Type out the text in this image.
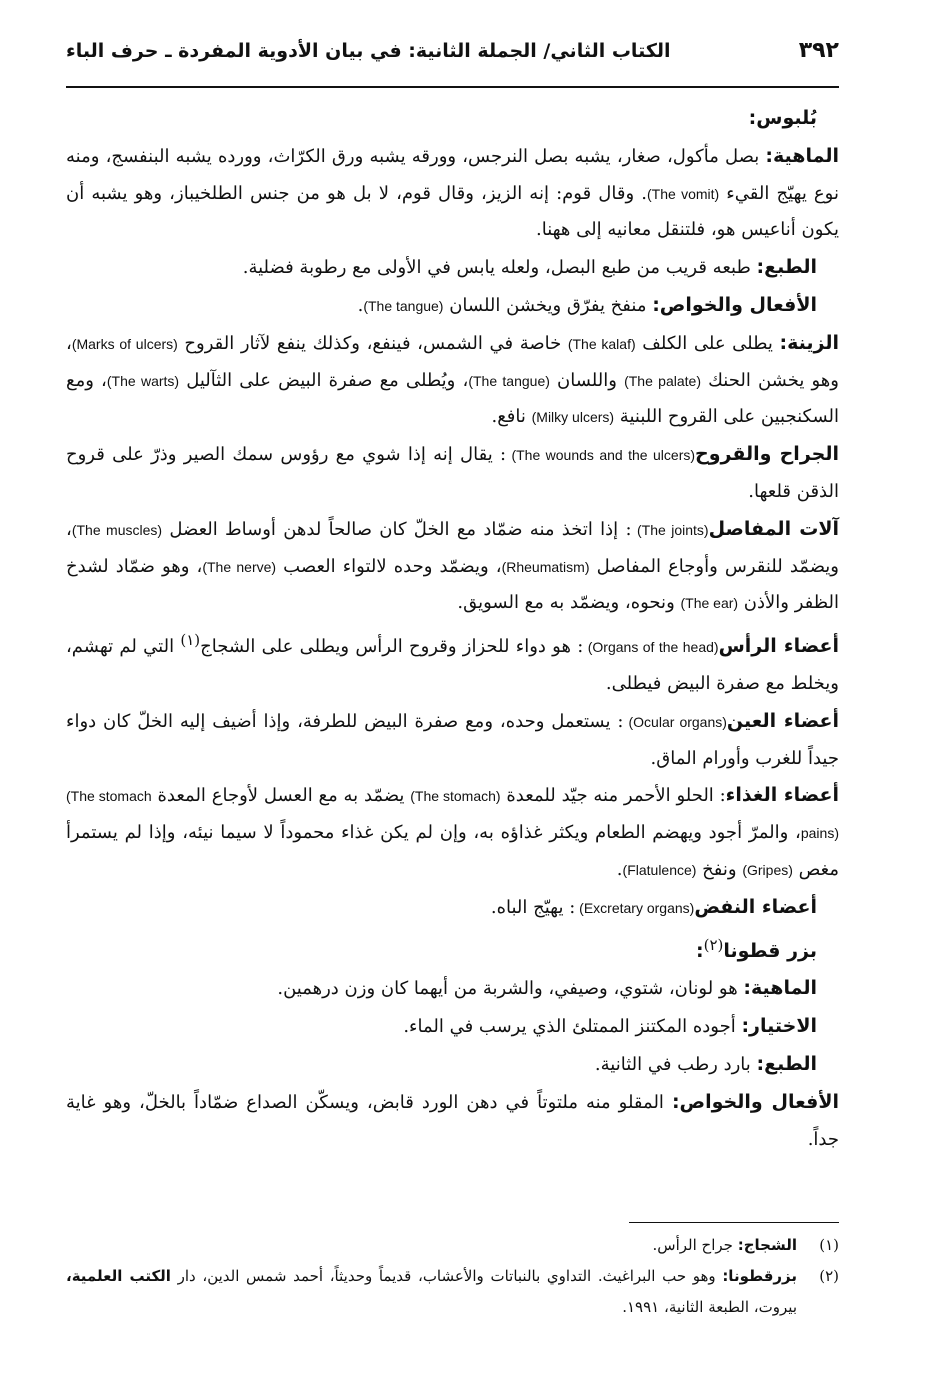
٣٩٢
الكتاب الثاني/ الجملة الثانية: في بيان الأدوية المفردة ـ حرف الباء

بُلبوس:

الماهية: بصل مأكول، صغار، يشبه بصل النرجس، وورقه يشبه ورق الكرّاث، وورده يشبه البنفسج، ومنه نوع يهيّج القيء (The vomit). وقال قوم: إنه الزيز، وقال قوم، لا بل هو من جنس الطلخيباز، وهو يشبه أن يكون أناعيس هو، فلتنقل معانيه إلى ههنا.

الطبع: طبعه قريب من طبع البصل، ولعله يابس في الأولى مع رطوبة فضلية.

الأفعال والخواص: منفخ يفرّق ويخشن اللسان (The tangue).

الزينة: يطلى على الكلف (The kalaf) خاصة في الشمس، فينفع، وكذلك ينفع لآثار القروح (Marks of ulcers)، وهو يخشن الحنك (The palate) واللسان (The tangue)، ويُطلى مع صفرة البيض على الثآليل (The warts)، ومع السكنجبين على القروح اللبنية (Milky ulcers) نافع.

الجراح والقروح (The wounds and the ulcers): يقال إنه إذا شوي مع رؤوس سمك الصير وذرّ على قروح الذقن قلعها.

آلات المفاصل (The joints): إذا اتخذ منه ضمّاد مع الخلّ كان صالحاً لدهن أوساط العضل (The muscles)، ويضمّد للنقرس وأوجاع المفاصل (Rheumatism)، ويضمّد وحده لالتواء العصب (The nerve)، وهو ضمّاد لشدخ الظفر والأذن (The ear) ونحوه، ويضمّد به مع السويق.

أعضاء الرأس (Organs of the head): هو دواء للحزاز وقروح الرأس ويطلى على الشجاج$^{(١)}$ التي لم تهشم، ويخلط مع صفرة البيض فيطلى.

أعضاء العين (Ocular organs): يستعمل وحده، ومع صفرة البيض للطرفة، وإذا أضيف إليه الخلّ كان دواء جيداً للغرب وأورام الماق.

أعضاء الغذاء: الحلو الأحمر منه جيّد للمعدة (The stomach) يضمّد به مع العسل لأوجاع المعدة (The stomach pains)، والمرّ أجود ويهضم الطعام ويكثر غذاؤه به، وإن لم يكن غذاء محموداً لا سيما نيئه، وإذا لم يستمرأ مغص (Gripes) ونفخ (Flatulence).

أعضاء النفض (Excretary organs): يهيّج الباه.

بزر قطونا$^{(٢)}$:

الماهية: هو لونان، شتوي، وصيفي، والشربة من أيهما كان وزن درهمين.

الاختيار: أجوده المكتنز الممتلئ الذي يرسب في الماء.

الطبع: بارد رطب في الثانية.

الأفعال والخواص: المقلو منه ملتوتاً في دهن الورد قابض، ويسكّن الصداع ضمّاداً بالخلّ، وهو غاية جداً.

(١)
الشجاج: جراح الرأس.

(٢)
بزرقطونا: وهو حب البراغيث. التداوي بالنباتات والأعشاب، قديماً وحديثاً، أحمد شمس الدين، دار الكتب العلمية، بيروت، الطبعة الثانية، ١٩٩١.
